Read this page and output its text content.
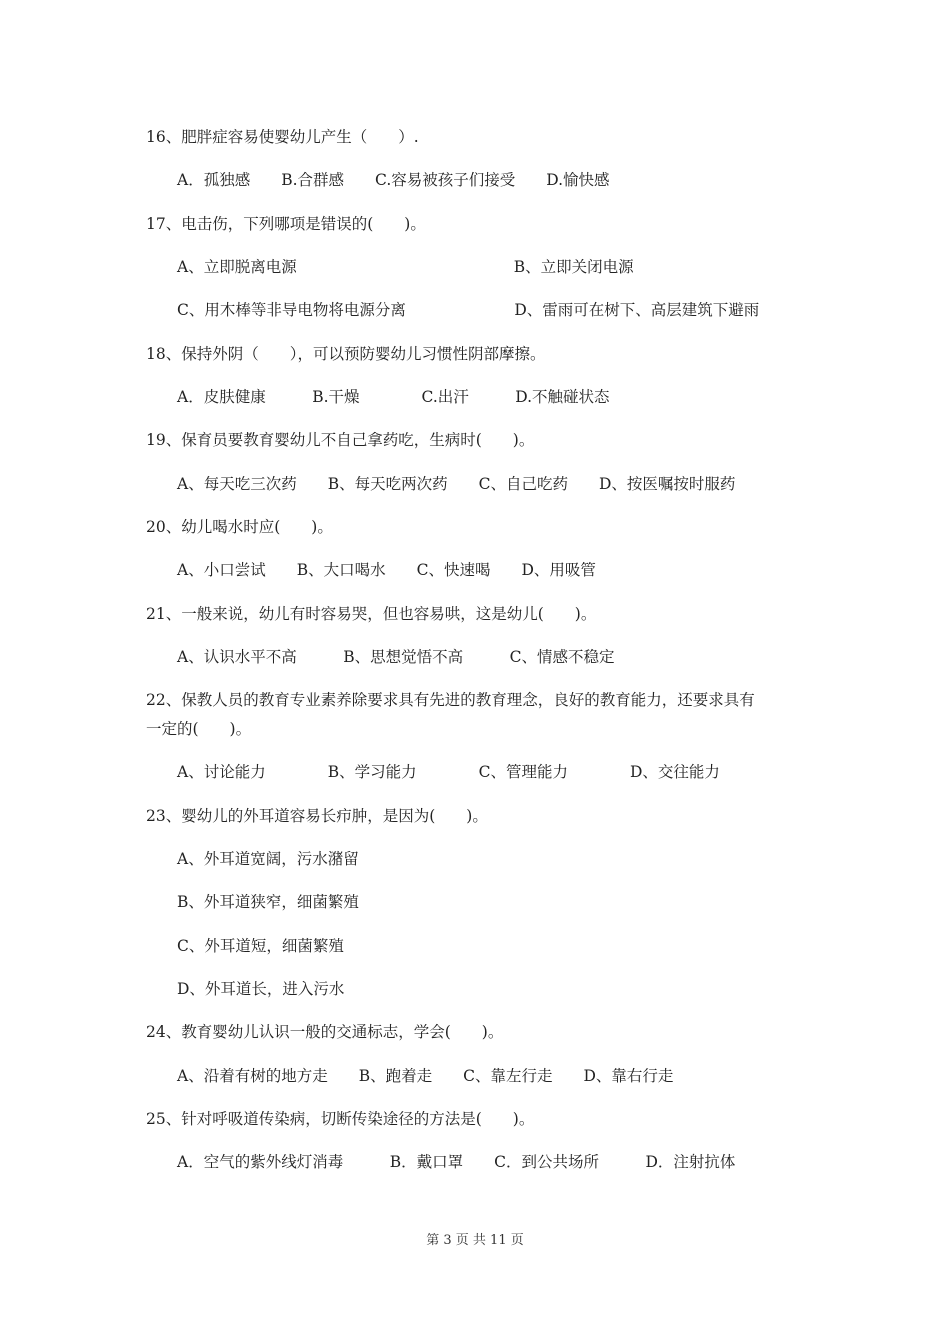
16、肥胖症容易使婴幼儿产生（　　）.
A．孤独感　　B.合群感　　C.容易被孩子们接受　　D.愉快感
17、电击伤，下列哪项是错误的(　　)。
A、立即脱离电源　　　　　　　　　　　　　　B、立即关闭电源
C、用木棒等非导电物将电源分离　　　　　　　D、雷雨可在树下、高层建筑下避雨
18、保持外阴（　　），可以预防婴幼儿习惯性阴部摩擦。
A．皮肤健康　　　B.干燥　　　　C.出汗　　　D.不触碰状态
19、保育员要教育婴幼儿不自己拿药吃，生病时(　　)。
A、每天吃三次药　　B、每天吃两次药　　C、自己吃药　　D、按医嘱按时服药
20、幼儿喝水时应(　　)。
A、小口尝试　　B、大口喝水　　C、快速喝　　D、用吸管
21、一般来说，幼儿有时容易哭，但也容易哄，这是幼儿(　　)。
A、认识水平不高　　　B、思想觉悟不高　　　C、情感不稳定
22、保教人员的教育专业素养除要求具有先进的教育理念，良好的教育能力，还要求具有
一定的(　　)。
A、讨论能力　　　　B、学习能力　　　　C、管理能力　　　　D、交往能力
23、婴幼儿的外耳道容易长疖肿，是因为(　　)。
A、外耳道宽阔，污水潴留
B、外耳道狭窄，细菌繁殖
C、外耳道短，细菌繁殖
D、外耳道长，进入污水
24、教育婴幼儿认识一般的交通标志，学会(　　)。
A、沿着有树的地方走　　B、跑着走　　C、靠左行走　　D、靠右行走
25、针对呼吸道传染病，切断传染途径的方法是(　　)。
A．空气的紫外线灯消毒　　　B．戴口罩　　C．到公共场所　　　D．注射抗体
第 3 页 共 11 页
